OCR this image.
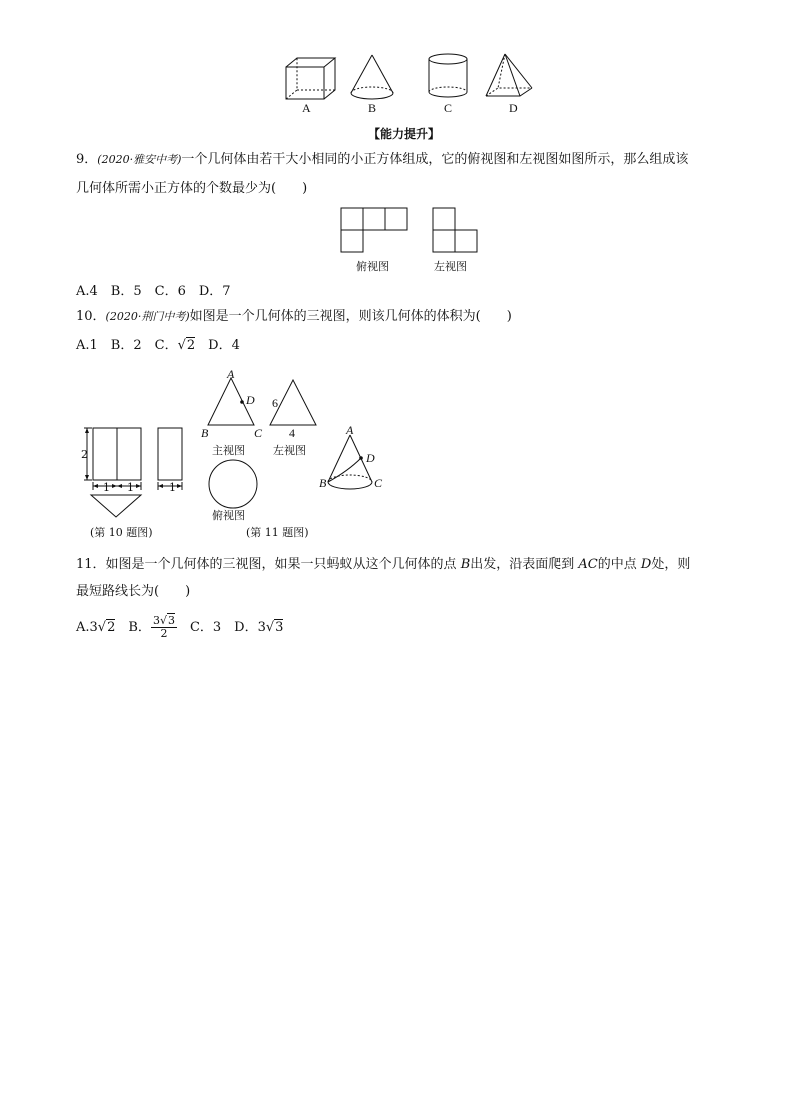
A	B	C	D
【能力提升】
9．(2020·雅安中考)一个几何体由若干大小相同的小正方体组成，它的俯视图和左视图如图所示，那么组成该
几何体所需小正方体的个数最少为(　　)
俯视图	左视图
A.4　B．5　C．6　D．7
10．(2020·荆门中考)如图是一个几何体的三视图，则该几何体的体积为(　　)
A.1　B．2　C．√2　D．4
2
1 1	1
(第 10 题图)
A
D
B	C
主视图
6
4
左视图
俯视图
A
D
B	C
(第 11 题图)
11．如图是一个几何体的三视图，如果一只蚂蚁从这个几何体的点 B出发，沿表面爬到 AC的中点 D处，则
最短路线长为(　　)
A.3√2　B． $\frac{3√3}{2}$ 　C．3　D．3√3
